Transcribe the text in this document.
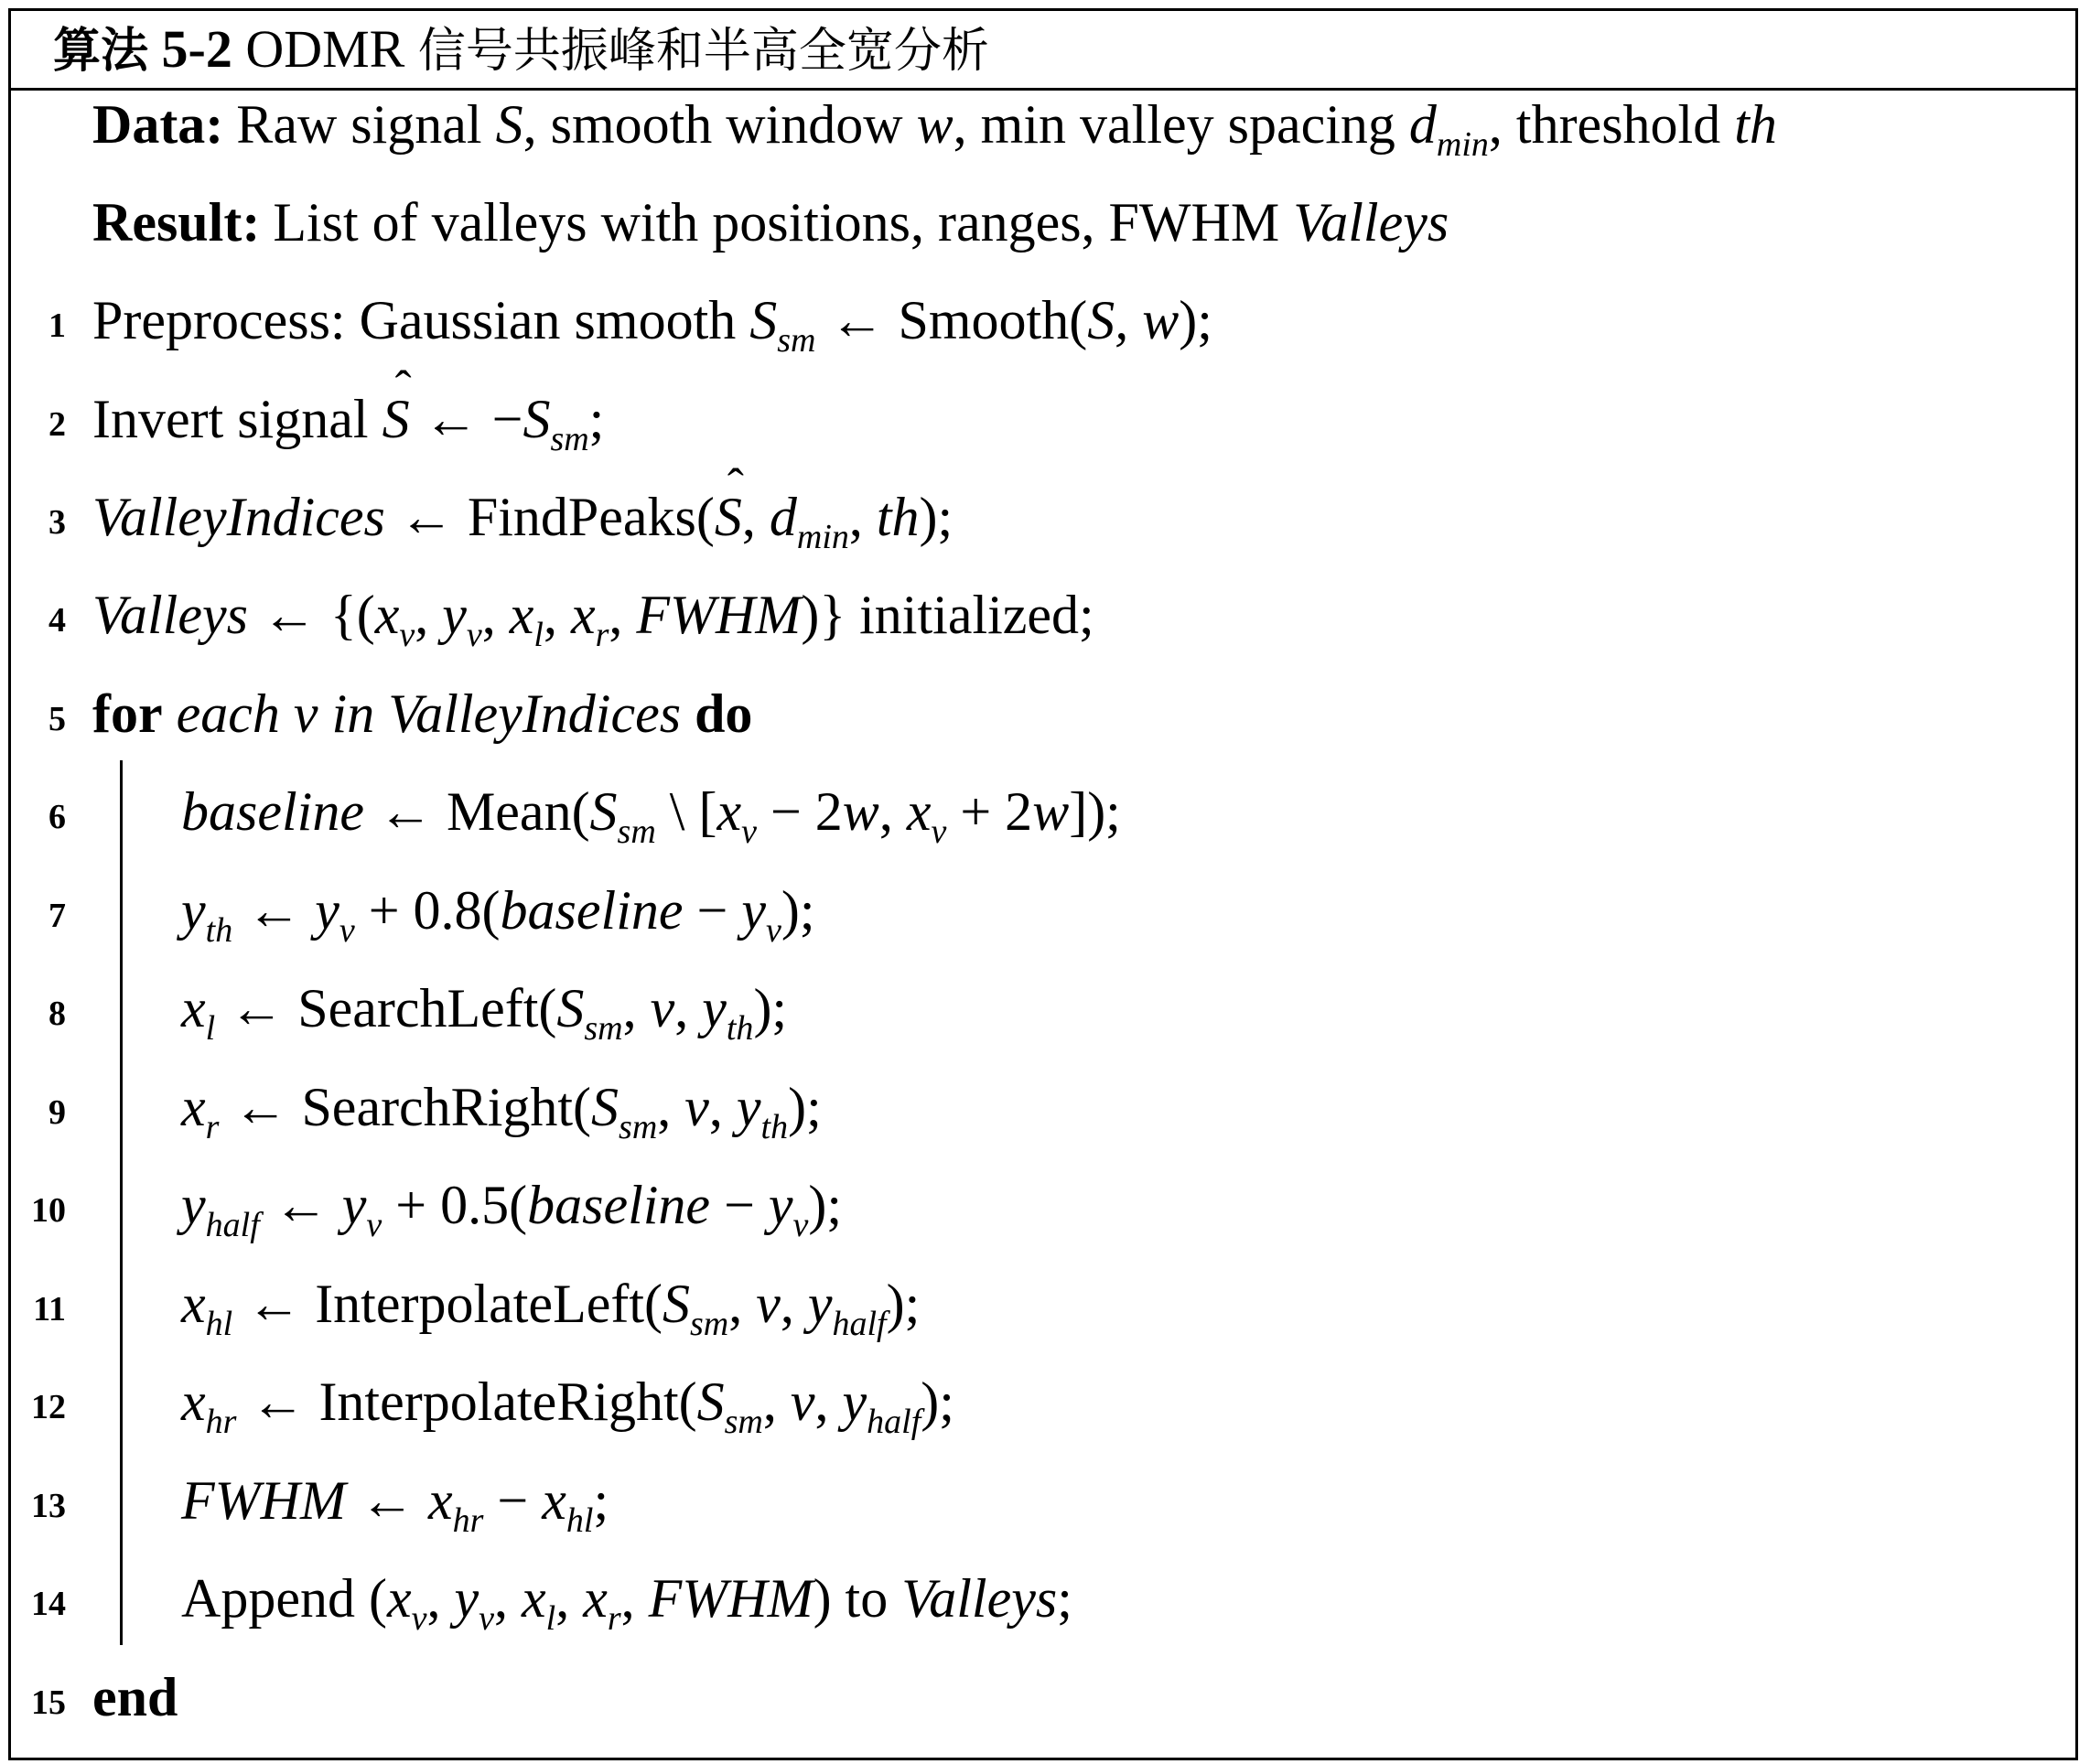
算法 5-2 ODMR 信号共振峰和半高全宽分析
Data: Raw signal S, smooth window w, min valley spacing $d_{min}$, threshold th
Result: List of valleys with positions, ranges, FWHM Valleys
1 Preprocess: Gaussian smooth $S_{sm}$ ← Smooth(S, w);
2 Invert signal ˆ S ← $-S_{sm}$;
3 ValleyIndices ← FindPeaks(ˆ S, $d_{min}$, th);
4 Valleys ← {($x_v$, $y_v$, $x_l$, $x_r$, FWHM)} initialized;
5 for each v in ValleyIndices do
6 baseline ← $Mean(S_{sm}$ \ [$x_v - 2w$, $x_v + 2w$]);
7 $y_{th}$ ← $y_v$ + 0.8(baseline − $y_v$);
8 $x_l$ ← $SearchLeft(S_{sm}$, v, $y_{th}$);
9 $x_r$ ← $SearchRight(S_{sm}$, v, $y_{th}$);
10 $y_{half}$ ← $y_v$ + 0.5(baseline − $y_v$);
11 $x_{hl}$ ← $InterpolateLeft(S_{sm}$, v, $y_{half}$);
12 $x_{hr}$ ← $InterpolateRight(S_{sm}$, v, $y_{half}$);
13 FWHM ← $x_{hr} - x_{hl}$;
14 Append ($x_v$, $y_v$, $x_l$, $x_r$, FWHM) to Valleys;
15 end
